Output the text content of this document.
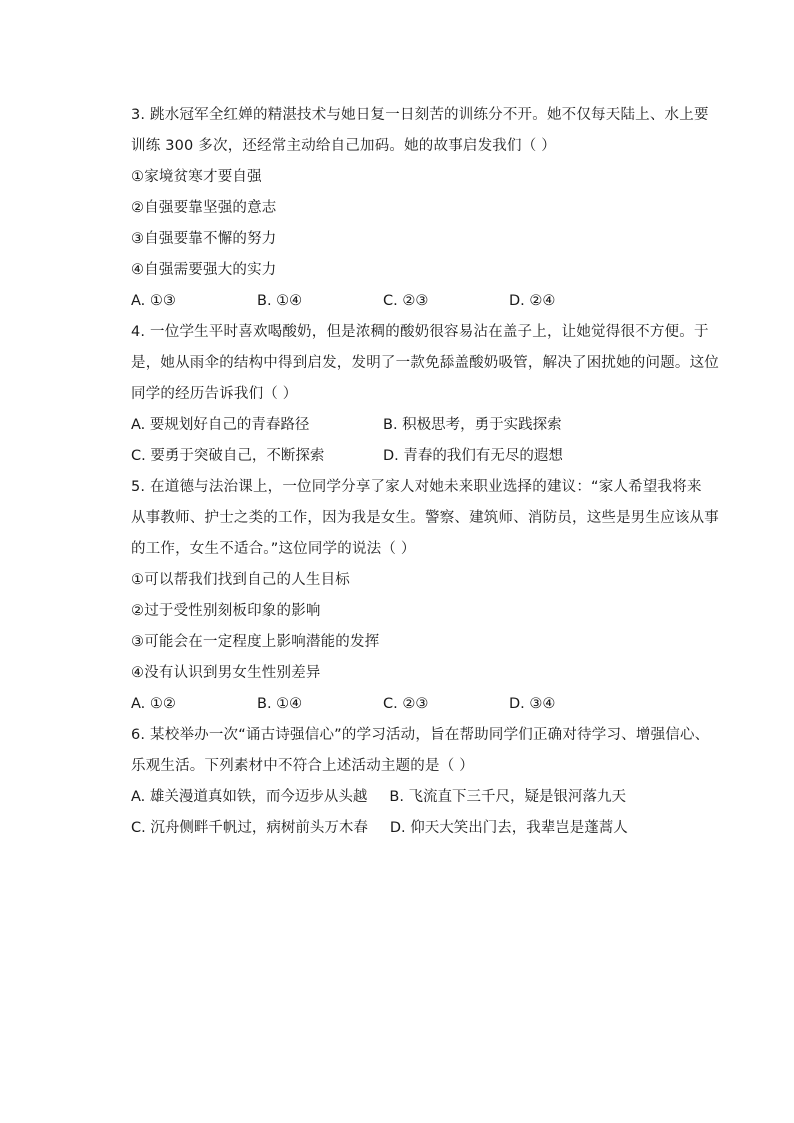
3. 跳水冠军全红婵的精湛技术与她日复一日刻苦的训练分不开。她不仅每天陆上、水上要
训练 300 多次，还经常主动给自己加码。她的故事启发我们（ ）
①家境贫寒才要自强
②自强要靠坚强的意志
③自强要靠不懈的努力
④自强需要强大的实力
A. ①③	B. ①④	C. ②③	D. ②④
4. 一位学生平时喜欢喝酸奶，但是浓稠的酸奶很容易沾在盖子上，让她觉得很不方便。于
是，她从雨伞的结构中得到启发，发明了一款免舔盖酸奶吸管，解决了困扰她的问题。这位
同学的经历告诉我们（ ）
A. 要规划好自己的青春路径	B. 积极思考，勇于实践探索
C. 要勇于突破自己，不断探索	D. 青春的我们有无尽的遐想
5. 在道德与法治课上，一位同学分享了家人对她未来职业选择的建议：“家人希望我将来
从事教师、护士之类的工作，因为我是女生。警察、建筑师、消防员，这些是男生应该从事
的工作，女生不适合。”这位同学的说法（ ）
①可以帮我们找到自己的人生目标
②过于受性别刻板印象的影响
③可能会在一定程度上影响潜能的发挥
④没有认识到男女生性别差异
A. ①②	B. ①④	C. ②③	D. ③④
6. 某校举办一次“诵古诗强信心”的学习活动，旨在帮助同学们正确对待学习、增强信心、
乐观生活。下列素材中不符合上述活动主题的是（ ）
A. 雄关漫道真如铁，而今迈步从头越 B. 飞流直下三千尺，疑是银河落九天
C. 沉舟侧畔千帆过，病树前头万木春 D. 仰天大笑出门去，我辈岂是蓬蒿人
